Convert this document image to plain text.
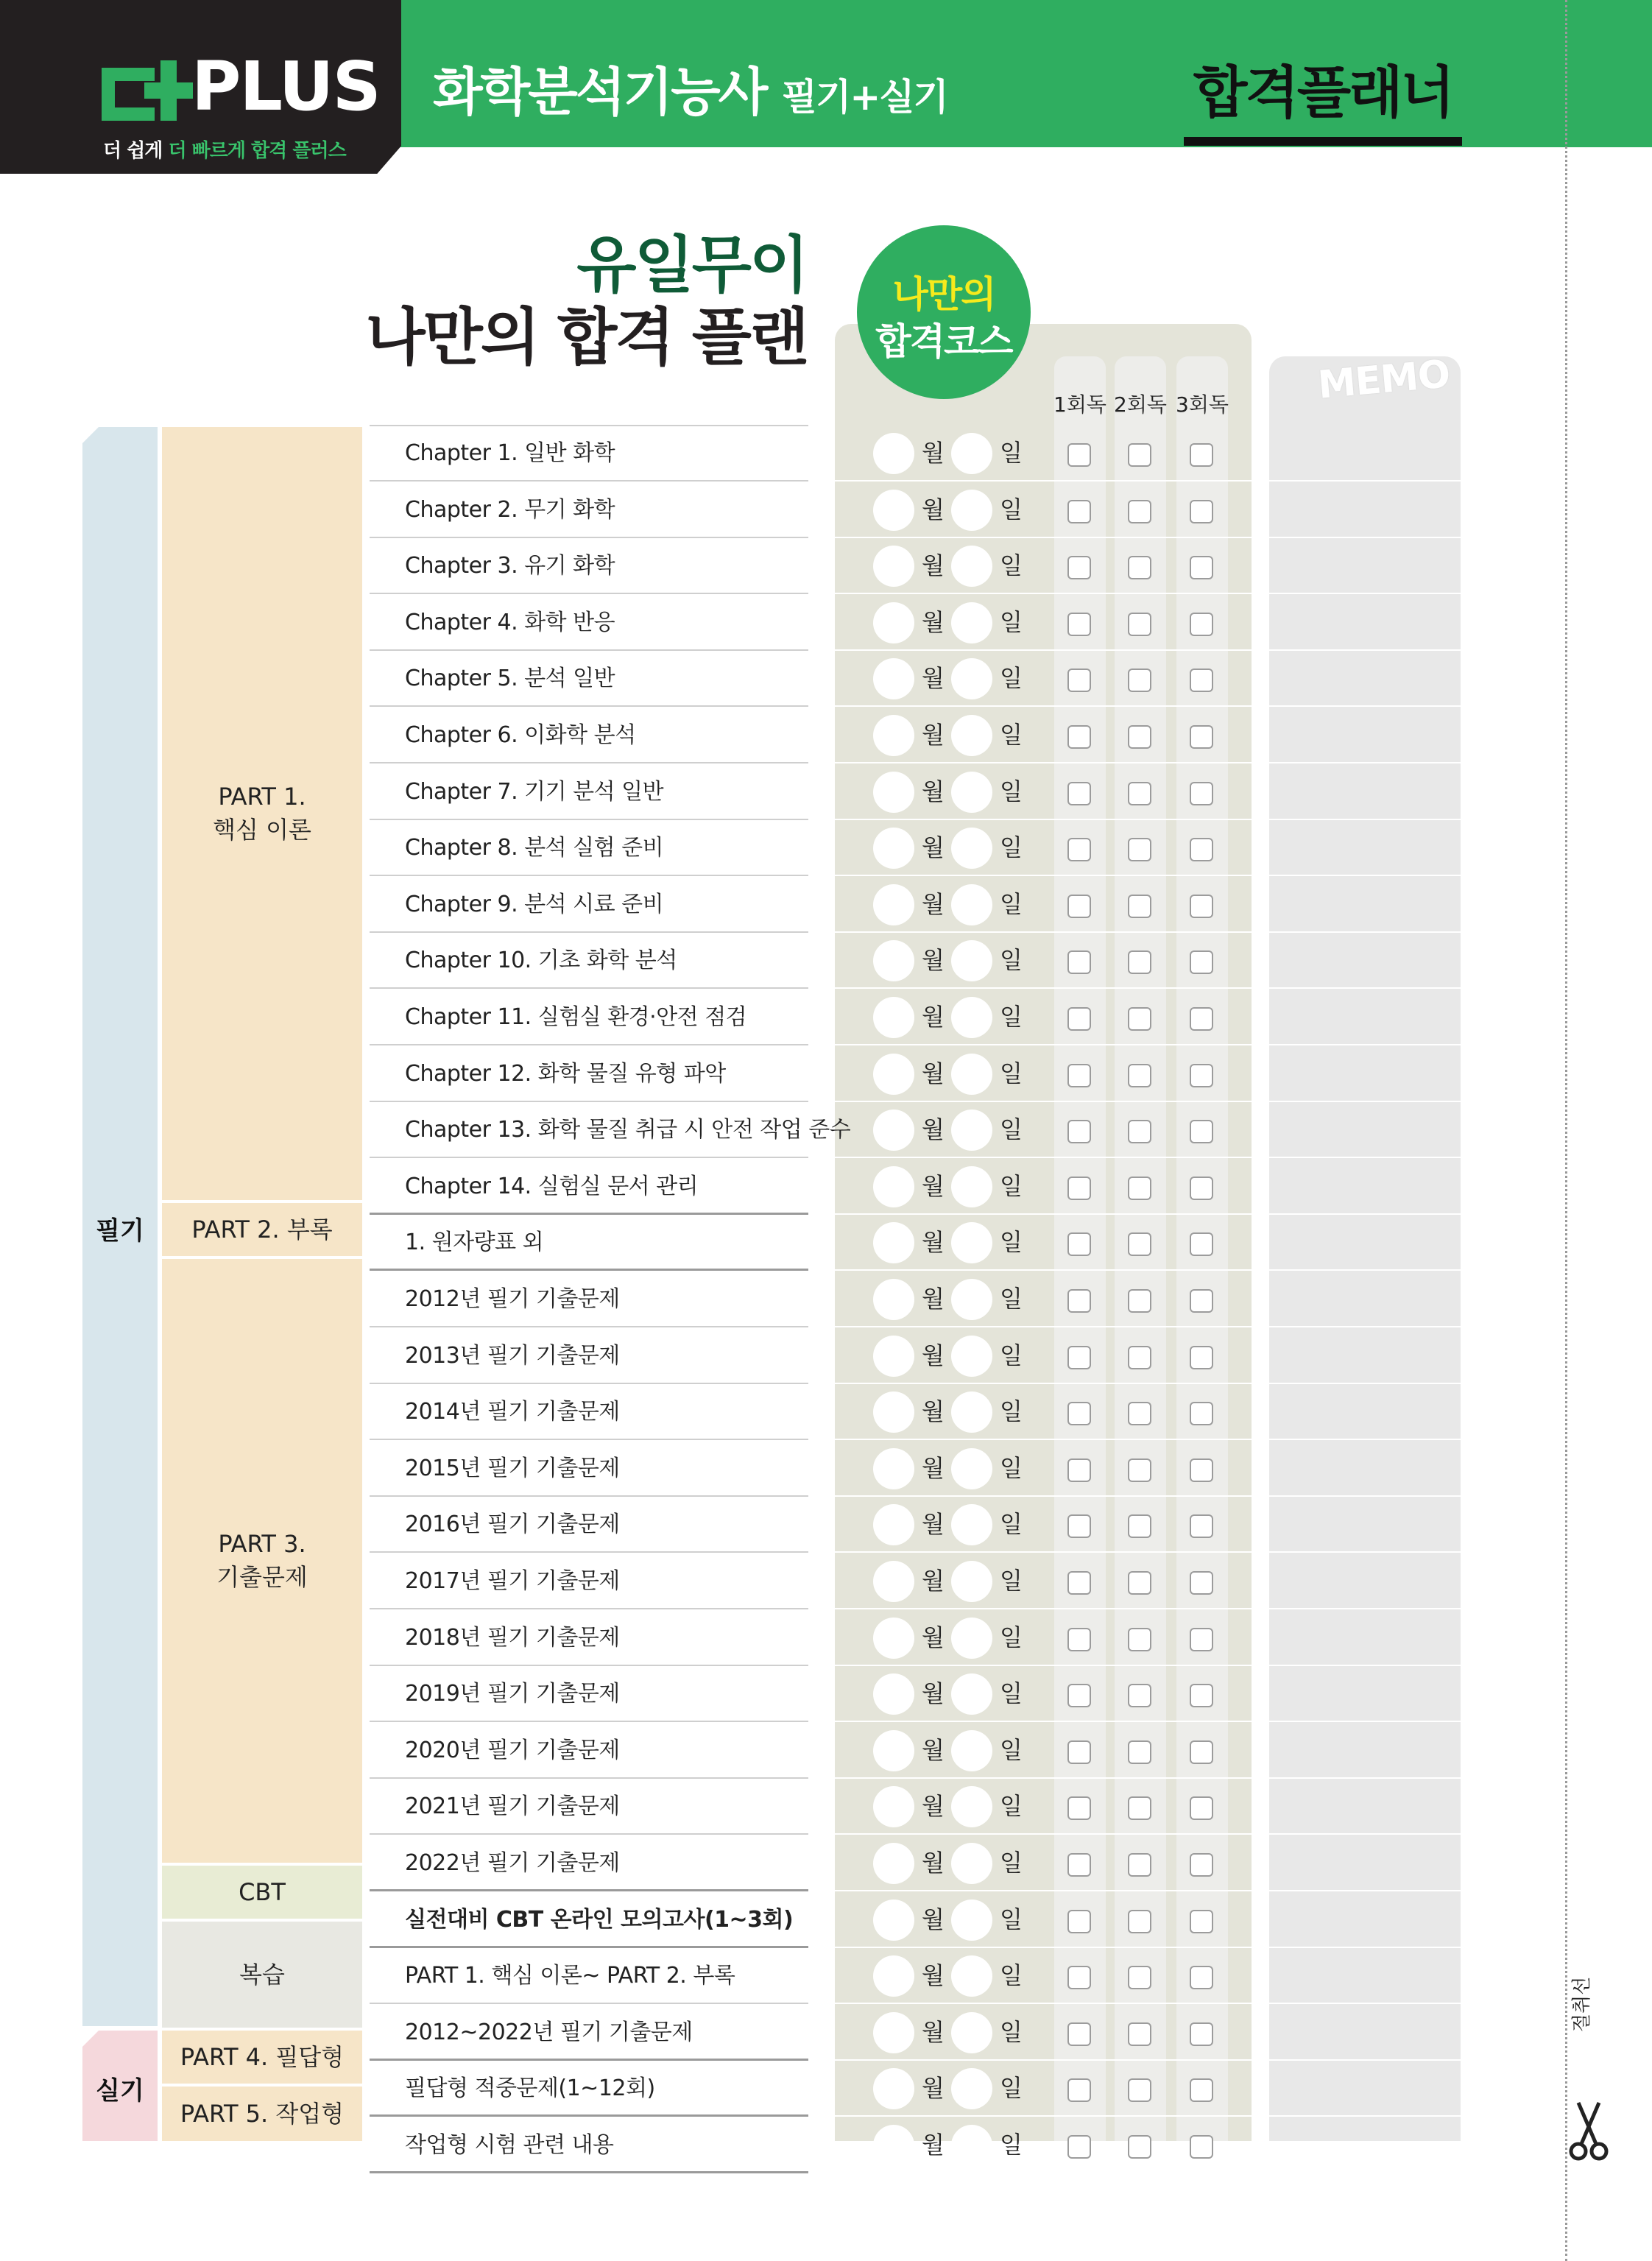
PLUS
더 쉽게 더 빠르게 합격 플러스
화학분석기능사 필기+실기	합격플래너
유일무이
나만의 합격 플랜
1회독 2회독 3회독
나만의
합격코스
MEMO
필기
실기
PART 1.
핵심 이론
PART 2. 부록
PART 3.
기출문제
CBT
복습
PART 4. 필답형
PART 5. 작업형
Chapter 1. 일반 화학	월 일
Chapter 2. 무기 화학	월 일
Chapter 3. 유기 화학	월 일
Chapter 4. 화학 반응	월 일
Chapter 5. 분석 일반	월 일
Chapter 6. 이화학 분석	월 일
Chapter 7. 기기 분석 일반	월 일
Chapter 8. 분석 실험 준비	월 일
Chapter 9. 분석 시료 준비	월 일
Chapter 10. 기초 화학 분석	월 일
Chapter 11. 실험실 환경·안전 점검	월 일
Chapter 12. 화학 물질 유형 파악	월 일
Chapter 13. 화학 물질 취급 시 안전 작업 준수	월 일
Chapter 14. 실험실 문서 관리	월 일
1. 원자량표 외	월 일
2012년 필기 기출문제	월 일
2013년 필기 기출문제	월 일
2014년 필기 기출문제	월 일
2015년 필기 기출문제	월 일
2016년 필기 기출문제	월 일
2017년 필기 기출문제	월 일
2018년 필기 기출문제	월 일
2019년 필기 기출문제	월 일
2020년 필기 기출문제	월 일
2021년 필기 기출문제	월 일
2022년 필기 기출문제	월 일
실전대비 CBT 온라인 모의고사(1~3회)	월 일
PART 1. 핵심 이론~ PART 2. 부록	월 일
2012~2022년 필기 기출문제	월 일
필답형 적중문제(1~12회)	월 일
작업형 시험 관련 내용	월 일
절취선
